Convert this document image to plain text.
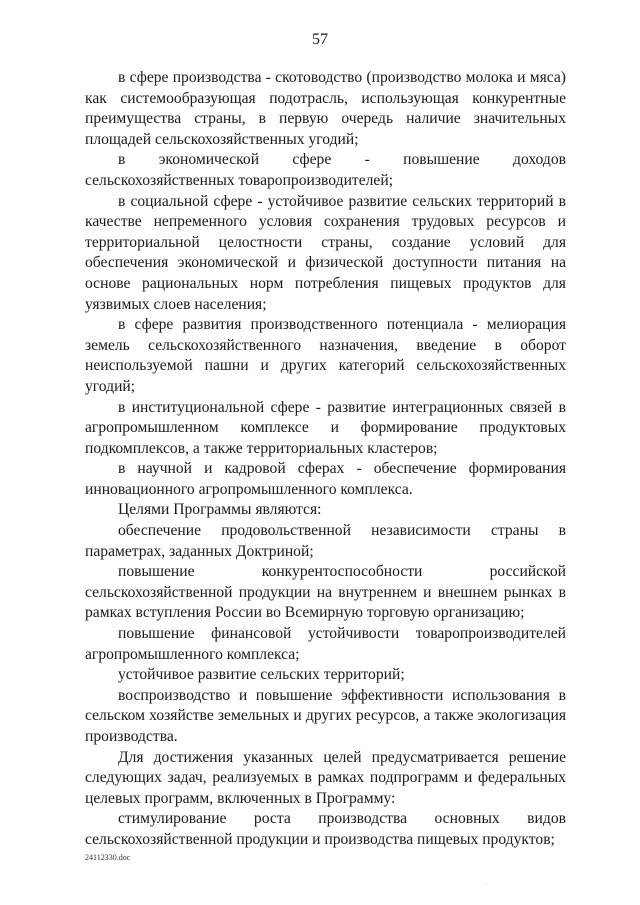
57

в сфере производства - скотоводство (производство молока и мяса) как системообразующая подотрасль, использующая конкурентные преимущества страны, в первую очередь наличие значительных площадей сельскохозяйственных угодий;

в экономической сфере - повышение доходов сельскохозяйственных товаропроизводителей;

в социальной сфере - устойчивое развитие сельских территорий в качестве непременного условия сохранения трудовых ресурсов и территориальной целостности страны, создание условий для обеспечения экономической и физической доступности питания на основе рациональных норм потребления пищевых продуктов для уязвимых слоев населения;

в сфере развития производственного потенциала - мелиорация земель сельскохозяйственного назначения, введение в оборот неиспользуемой пашни и других категорий сельскохозяйственных угодий;

в институциональной сфере - развитие интеграционных связей в агропромышленном комплексе и формирование продуктовых подкомплексов, а также территориальных кластеров;

в научной и кадровой сферах - обеспечение формирования инновационного агропромышленного комплекса.

Целями Программы являются:

обеспечение продовольственной независимости страны в параметрах, заданных Доктриной;

повышение конкурентоспособности российской сельскохозяйственной продукции на внутреннем и внешнем рынках в рамках вступления России во Всемирную торговую организацию;

повышение финансовой устойчивости товаропроизводителей агропромышленного комплекса;

устойчивое развитие сельских территорий;

воспроизводство и повышение эффективности использования в сельском хозяйстве земельных и других ресурсов, а также экологизация производства.

Для достижения указанных целей предусматривается решение следующих задач, реализуемых в рамках подпрограмм и федеральных целевых программ, включенных в Программу:

стимулирование роста производства основных видов сельскохозяйственной продукции и производства пищевых продуктов;

24112330.doc
.
